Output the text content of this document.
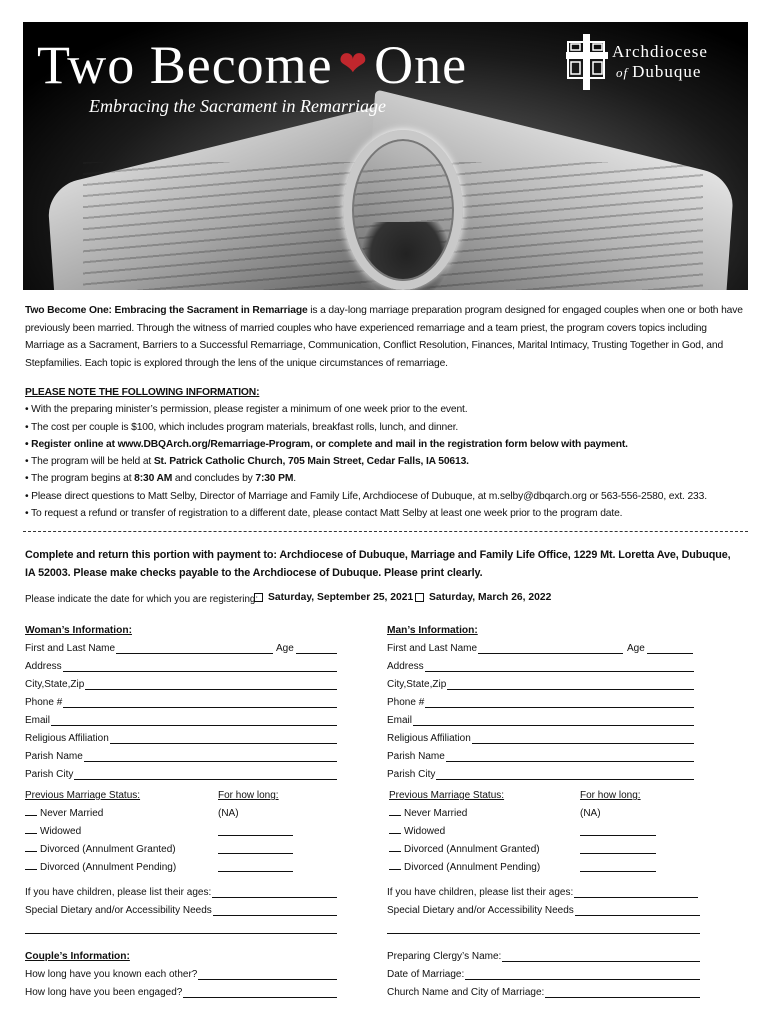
Two Become ❤ One
Embracing the Sacrament in Remarriage
Archdiocese
of Dubuque
Two Become One: Embracing the Sacrament in Remarriage is a day-long marriage preparation program designed for engaged couples when one or both have previously been married. Through the witness of married couples who have experienced remarriage and a team priest, the program covers topics including Marriage as a Sacrament, Barriers to a Successful Remarriage, Communication, Conflict Resolution, Finances, Marital Intimacy, Trusting Together in God, and Stepfamilies. Each topic is explored through the lens of the unique circumstances of remarriage.
PLEASE NOTE THE FOLLOWING INFORMATION:
• With the preparing minister’s permission, please register a minimum of one week prior to the event.
• The cost per couple is $100, which includes program materials, breakfast rolls, lunch, and dinner.
• Register online at www.DBQArch.org/Remarriage-Program, or complete and mail in the registration form below with payment.
• The program will be held at St. Patrick Catholic Church, 705 Main Street, Cedar Falls, IA 50613.
• The program begins at 8:30 AM and concludes by 7:30 PM.
• Please direct questions to Matt Selby, Director of Marriage and Family Life, Archdiocese of Dubuque, at m.selby@dbqarch.org or 563-556-2580, ext. 233.
• To request a refund or transfer of registration to a different date, please contact Matt Selby at least one week prior to the program date.
Complete and return this portion with payment to: Archdiocese of Dubuque, Marriage and Family Life Office, 1229 Mt. Loretta Ave, Dubuque, IA 52003. Please make checks payable to the Archdiocese of Dubuque. Please print clearly.
Please indicate the date for which you are registering: Saturday, September 25, 2021 Saturday, March 26, 2022
Woman’s Information:
First and Last Name	Age
Address
City,State,Zip
Phone #
Email
Religious Affiliation
Parish Name
Parish City
Previous Marriage Status:	For how long:
Never Married	(NA)
Widowed
Divorced (Annulment Granted)
Divorced (Annulment Pending)
If you have children, please list their ages:
Special Dietary and/or Accessibility Needs
Man’s Information:
First and Last Name	Age
Address
City,State,Zip
Phone #
Email
Religious Affiliation
Parish Name
Parish City
Previous Marriage Status:	For how long:
Never Married	(NA)
Widowed
Divorced (Annulment Granted)
Divorced (Annulment Pending)
If you have children, please list their ages:
Special Dietary and/or Accessibility Needs
Couple’s Information:
How long have you known each other?
How long have you been engaged?
Preparing Clergy’s Name:
Date of Marriage:
Church Name and City of Marriage:
